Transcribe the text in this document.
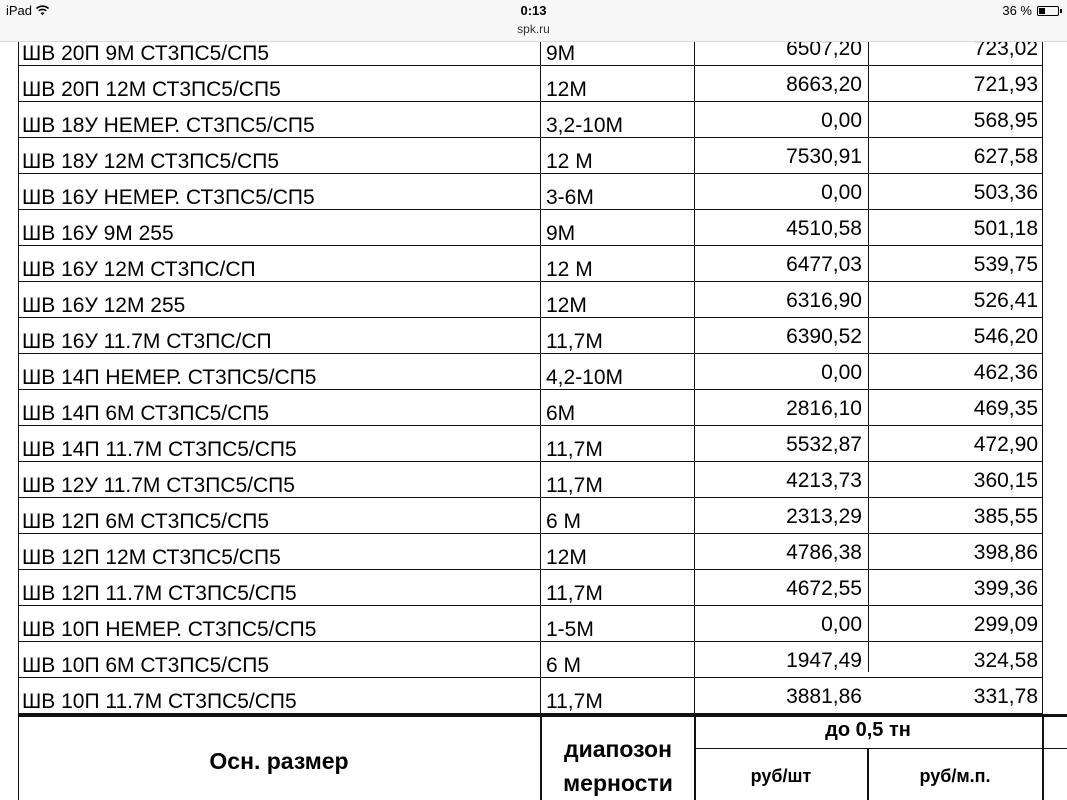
iPad	0:13
spk.ru
36 %
ШВ 20П 9М СТ3ПС5/СП5	9М	6507,20	723,02
ШВ 20П 12М СТ3ПС5/СП5	12М	8663,20	721,93
ШВ 18У НЕМЕР. СТ3ПС5/СП5	3,2-10М	0,00	568,95
ШВ 18У 12М СТ3ПС5/СП5	12 М	7530,91	627,58
ШВ 16У НЕМЕР. СТ3ПС5/СП5	3-6М	0,00	503,36
ШВ 16У 9М 255	9М	4510,58	501,18
ШВ 16У 12М СТ3ПС/СП	12 М	6477,03	539,75
ШВ 16У 12М 255	12М	6316,90	526,41
ШВ 16У 11.7М СТ3ПС/СП	11,7М	6390,52	546,20
ШВ 14П НЕМЕР. СТ3ПС5/СП5	4,2-10М	0,00	462,36
ШВ 14П 6М СТ3ПС5/СП5	6М	2816,10	469,35
ШВ 14П 11.7М СТ3ПС5/СП5	11,7М	5532,87	472,90
ШВ 12У 11.7М СТ3ПС5/СП5	11,7М	4213,73	360,15
ШВ 12П 6М СТ3ПС5/СП5	6 М	2313,29	385,55
ШВ 12П 12М СТ3ПС5/СП5	12М	4786,38	398,86
ШВ 12П 11.7М СТ3ПС5/СП5	11,7М	4672,55	399,36
ШВ 10П НЕМЕР. СТ3ПС5/СП5	1-5М	0,00	299,09
ШВ 10П 6М СТ3ПС5/СП5	6 М	1947,49	324,58
ШВ 10П 11.7М СТ3ПС5/СП5	11,7М	3881,86	331,78
Осн. размер	диапозон
мерности
до 0,5 тн
руб/шт	руб/м.п.
